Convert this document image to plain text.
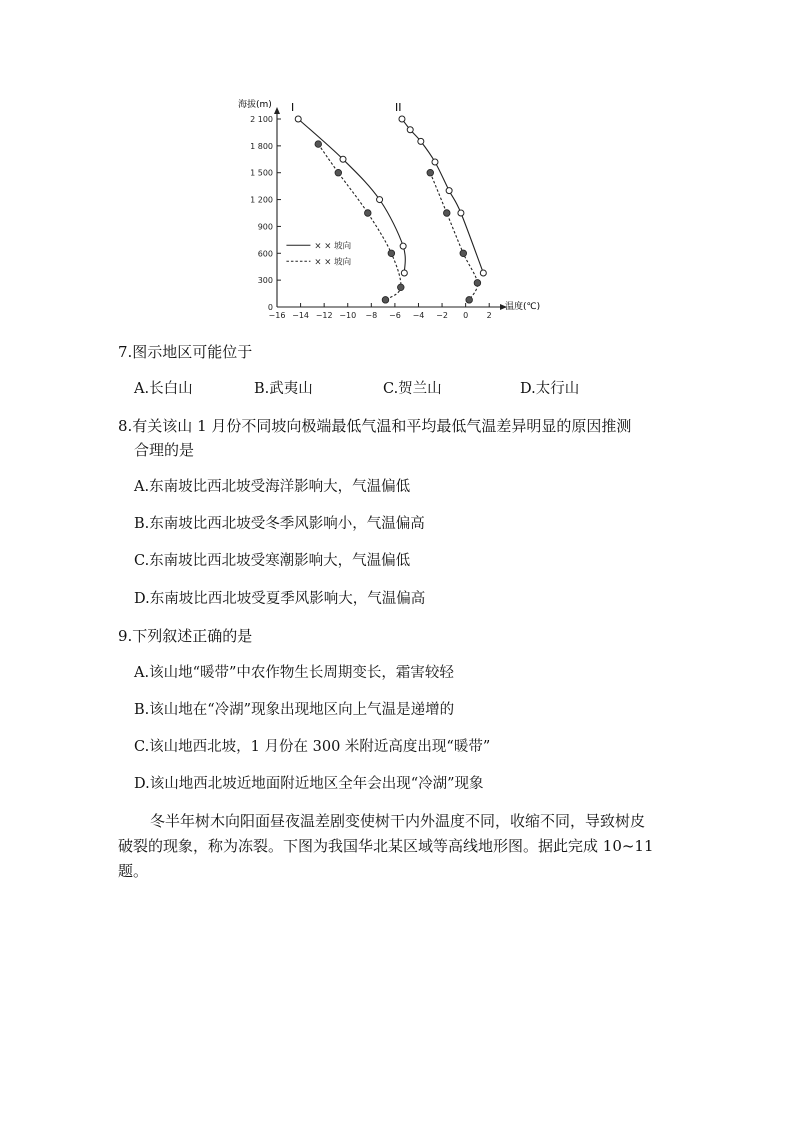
0
300
600
900
1 200
1 500
1 800
2 100
−16 −14 −12 −10 −8 −6 −4 −2 0 2
× × 坡向
× × 坡向
海拔(m)
温度(℃)
I	II
7.图示地区可能位于
A.长白山	B.武夷山	C.贺兰山	D.太行山
8.有关该山 1 月份不同坡向极端最低气温和平均最低气温差异明显的原因推测
合理的是
A.东南坡比西北坡受海洋影响大，气温偏低
B.东南坡比西北坡受冬季风影响小，气温偏高
C.东南坡比西北坡受寒潮影响大，气温偏低
D.东南坡比西北坡受夏季风影响大，气温偏高
9.下列叙述正确的是
A.该山地“暖带”中农作物生长周期变长，霜害较轻
B.该山地在“冷湖”现象出现地区向上气温是递增的
C.该山地西北坡，1 月份在 300 米附近高度出现“暖带”
D.该山地西北坡近地面附近地区全年会出现“冷湖”现象
冬半年树木向阳面昼夜温差剧变使树干内外温度不同，收缩不同，导致树皮
破裂的现象，称为冻裂。下图为我国华北某区域等高线地形图。据此完成 10~11
题。
